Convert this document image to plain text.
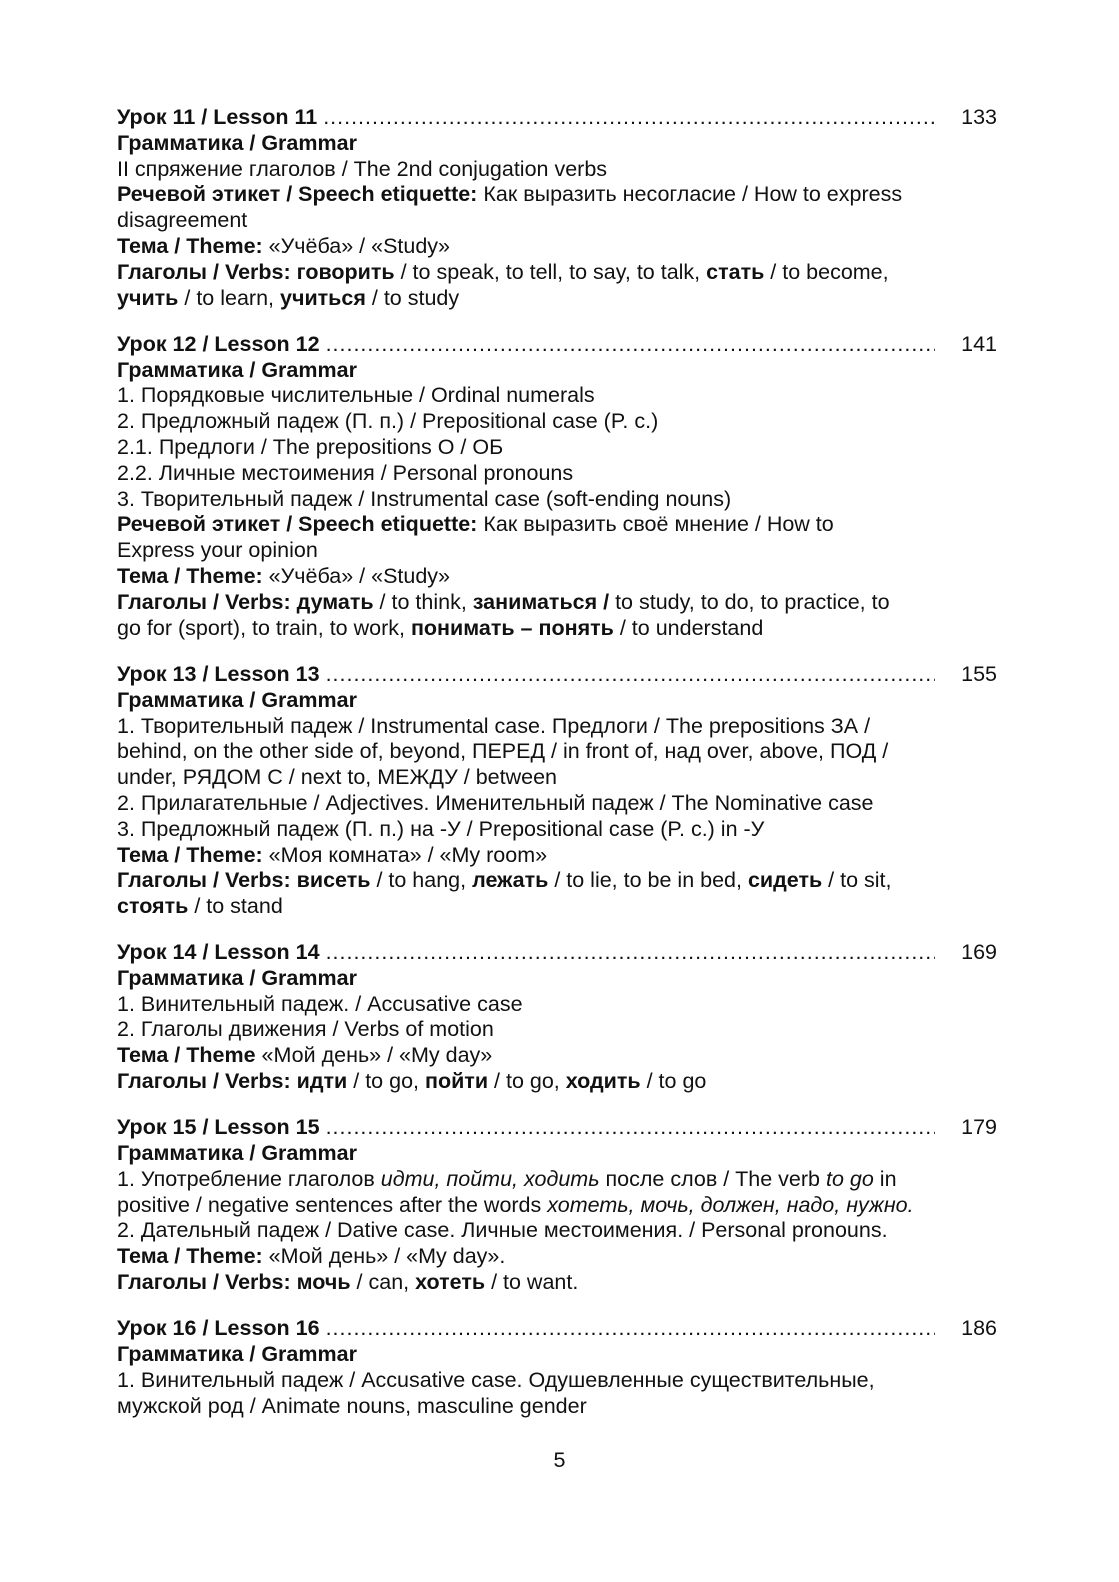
Урок 11 / Lesson 11 .....	133

Грамматика / Grammar

II спряжение глаголов / The 2nd conjugation verbs

Речевой этикет / Speech etiquette: Как выразить несогласие / How to express

disagreement

Тема / Theme: «Учёба» / «Study»

Глаголы / Verbs: говорить / to speak, to tell, to say, to talk, стать / to become,

учить / to learn, учиться / to study

Урок 12 / Lesson 12 .....	141

Грамматика / Grammar

1. Порядковые числительные / Ordinal numerals

2. Предложный падеж (П. п.) / Prepositional case (P. c.)

2.1. Предлоги / The prepositions О / ОБ

2.2. Личные местоимения / Personal pronouns

3. Творительный падеж / Instrumental case (soft-ending nouns)

Речевой этикет / Speech etiquette: Как выразить своё мнение / How to

Express your opinion

Тема / Theme: «Учёба» / «Study»

Глаголы / Verbs: думать / to think, заниматься / to study, to do, to practice, to

go for (sport), to train, to work, понимать – понять / to understand

Урок 13 / Lesson 13 .....	155

Грамматика / Grammar

1. Творительный падеж / Instrumental case. Предлоги / The prepositions ЗА /

behind, on the other side of, beyond, ПЕРЕД / in front of, над over, above, ПОД /

under, РЯДОМ С / next to, МЕЖДУ / between

2. Прилагательные / Adjectives. Именительный падеж / The Nominative case

3. Предложный падеж (П. п.) на -У / Prepositional case (P. c.) in -У

Тема / Theme: «Моя комната» / «My room»

Глаголы / Verbs: висеть / to hang, лежать / to lie, to be in bed, сидеть / to sit,

стоять / to stand

Урок 14 / Lesson 14 .....	169

Грамматика / Grammar

1. Винительный падеж. / Accusative case

2. Глаголы движения / Verbs of motion

Тема / Theme «Мой день» / «My day»

Глаголы / Verbs: идти / to go, пойти / to go, ходить / to go

Урок 15 / Lesson 15 .....	179

Грамматика / Grammar

1. Употребление глаголов идти, пойти, ходить после слов / The verb to go in

positive / negative sentences after the words хотеть, мочь, должен, надо, нужно.

2. Дательный падеж / Dative case. Личные местоимения. / Personal pronouns.

Тема / Theme: «Мой день» / «My day».

Глаголы / Verbs: мочь / can, хотеть / to want.

Урок 16 / Lesson 16 .....	186

Грамматика / Grammar

1. Винительный падеж / Accusative case. Одушевленные существительные,

мужской род / Animate nouns, masculine gender

5
